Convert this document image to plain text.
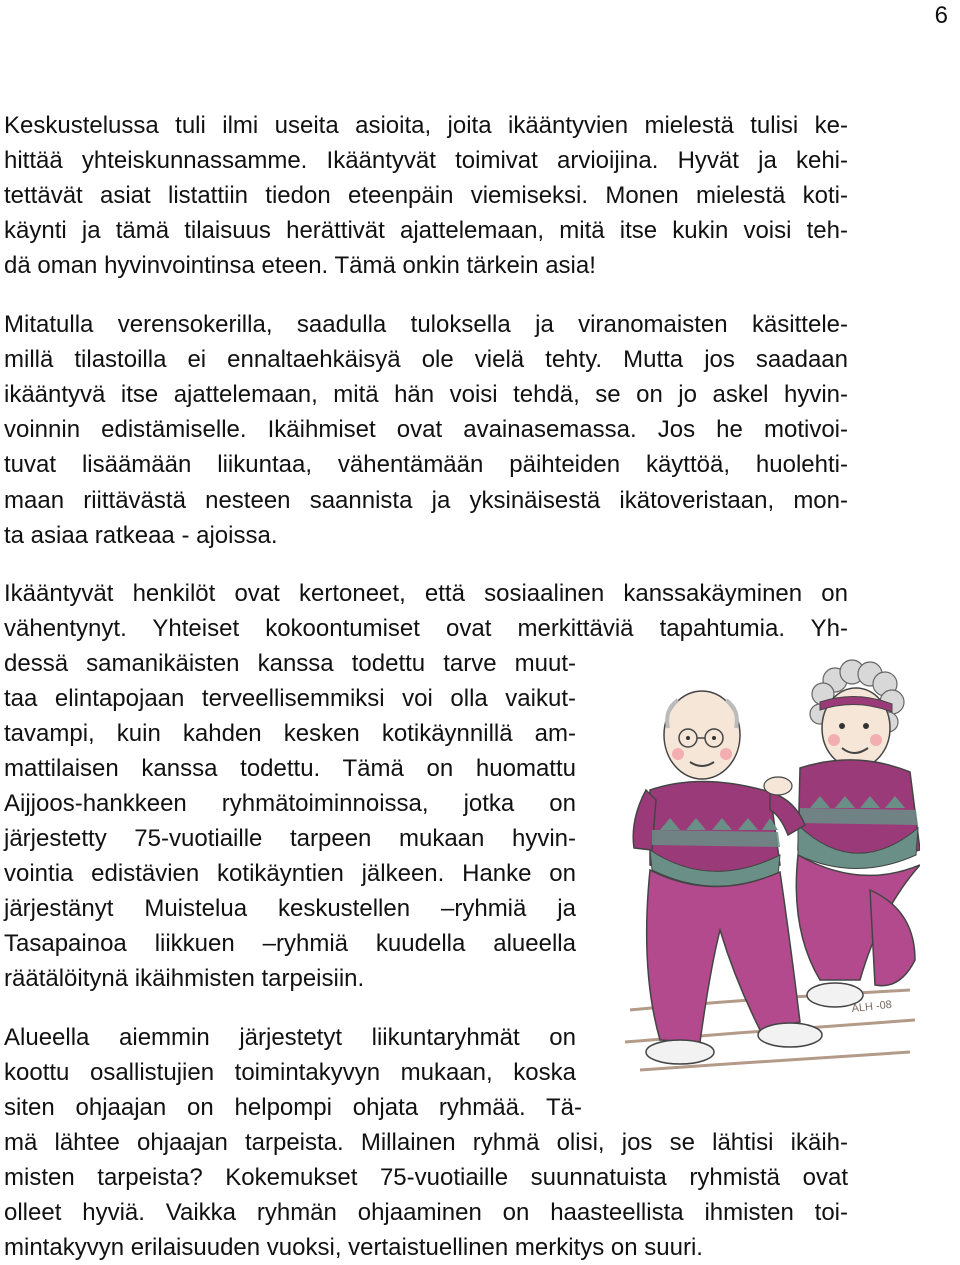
6

Keskustelussa tuli ilmi useita asioita, joita ikääntyvien mielestä tulisi ke-

hittää yhteiskunnassamme. Ikääntyvät toimivat arvioijina. Hyvät ja kehi-

tettävät asiat listattiin tiedon eteenpäin viemiseksi. Monen mielestä koti-

käynti ja tämä tilaisuus herättivät ajattelemaan, mitä itse kukin voisi teh-

dä oman hyvinvointinsa eteen. Tämä onkin tärkein asia!

Mitatulla verensokerilla, saadulla tuloksella ja viranomaisten käsittele-

millä tilastoilla ei ennaltaehkäisyä ole vielä tehty. Mutta jos saadaan

ikääntyvä itse ajattelemaan, mitä hän voisi tehdä, se on jo askel hyvin-

voinnin edistämiselle. Ikäihmiset ovat avainasemassa. Jos he motivoi-

tuvat lisäämään liikuntaa, vähentämään päihteiden käyttöä, huolehti-

maan riittävästä nesteen saannista ja yksinäisestä ikätoveristaan, mon-

ta asiaa ratkeaa - ajoissa.

Ikääntyvät henkilöt ovat kertoneet, että sosiaalinen kanssakäyminen on

vähentynyt. Yhteiset kokoontumiset ovat merkittäviä tapahtumia. Yh-

dessä samanikäisten kanssa todettu tarve muut-

taa elintapojaan terveellisemmiksi voi olla vaikut-

tavampi, kuin kahden kesken kotikäynnillä am-

mattilaisen kanssa todettu. Tämä on huomattu

Aijjoos-hankkeen ryhmätoiminnoissa, jotka on

järjestetty 75-vuotiaille tarpeen mukaan hyvin-

vointia edistävien kotikäyntien jälkeen. Hanke on

järjestänyt Muistelua keskustellen –ryhmiä ja

Tasapainoa liikkuen –ryhmiä kuudella alueella

räätälöitynä ikäihmisten tarpeisiin.

Alueella aiemmin järjestetyt liikuntaryhmät on

koottu osallistujien toimintakyvyn mukaan, koska

siten ohjaajan on helpompi ohjata ryhmää. Tä-

mä lähtee ohjaajan tarpeista. Millainen ryhmä olisi, jos se lähtisi ikäih-

misten tarpeista? Kokemukset 75-vuotiaille suunnatuista ryhmistä ovat

olleet hyviä. Vaikka ryhmän ohjaaminen on haasteellista ihmisten toi-

mintakyvyn erilaisuuden vuoksi, vertaistuellinen merkitys on suuri.

ALH -08
